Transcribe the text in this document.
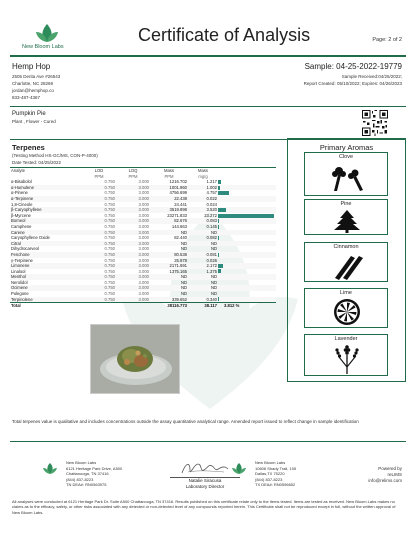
New Bloom Labs
Certificate of Analysis	Page: 2 of 2
Hemp Hop
2505 Derita Ave #26543
Charlotte, NC 28269
jordan@hemphop.co
833-487-4367
Sample: 04-25-2022-19779
Sample Received:04/25/2022;
Report Created: 05/10/2022; Expires: 04/26/2023
Pumpkin Pie
Plant , Flower - Cured
Terpenes
(Testing Method HS-GC/MS, CON-P-4000)
Date Tested: 04/25/2022
Analyte	LOD	LOQ	Mass	Mass	
	PPM	PPM	PPM	mg/g	
α-Bisabolol	0.750	3.000	1216.702	1.217	

α-Humulene	0.750	3.000	1001.960	1.002	

α-Pinene	0.750	3.000	4756.699	4.757	

α-Terpinene	0.750	3.000	22.438	0.022	

1,8-Cineole	0.750	3.000	24.441	0.024	

β-Caryophyllene	0.750	3.000	3519.898	3.520	

β-Myrcene	0.750	3.000	23271.833	23.272	

Borneol	0.750	3.000	82.676	0.083	

Camphene	0.750	3.000	144.663	0.145	

Carene	0.750	3.000	ND	ND	

Caryophyllene Oxide	0.750	3.000	82.440	0.082	

Citral	0.750	3.000	ND	ND	

Dihydrocarveol	0.750	3.000	ND	ND	

Fenchone	0.750	3.000	80.538	0.081	

γ-Terpinene	0.750	3.000	25.978	0.026	

Limonene	0.750	3.000	2171.691	2.172	

Linalool	0.750	3.000	1375.165	1.375	

Menthol	0.750	3.000	ND	ND	

Nerolidol	0.750	3.000	ND	ND	

Ocimene	0.750	3.000	ND	ND	

Pulegone	0.750	3.000	ND	ND	

Terpinolene	0.750	3.000	339.652	0.340	

Total			38116.773	38.117	3.812 %
Primary Aromas
Clove
Pine
Cinnamon
Lime
Lavender
Total terpenes value is qualitative and includes concentrations outside the assay quantitative analytical range. Amended report issued to reflect change in sample identification
New Bloom Labs
6121 Heritage Park Drive, A500
Chattanooga, TN 37416
(844) 837-8223
TN DEA#: RN0563975
Natalie Siracusa
Laboratory Director
New Bloom Labs
10606 Shady Trail, 105
Dallas,TX 75220
(844) 837-8223
TX DEA#: RN0596652
Powered by
reLIMS
info@relims.com
All analyses were conducted at 6121 Heritage Park Dr. Suite A500 Chattanooga, TN 37416. Results published on this certificate relate only to the items tested. Items are tested as received. New Bloom Labs makes no claims as to the efficacy, safety, or other risks associated with any detected or non-detected level of any compounds reported herein. This Certificate shall not be reproduced except in full, without the written approval of New Bloom Labs.
